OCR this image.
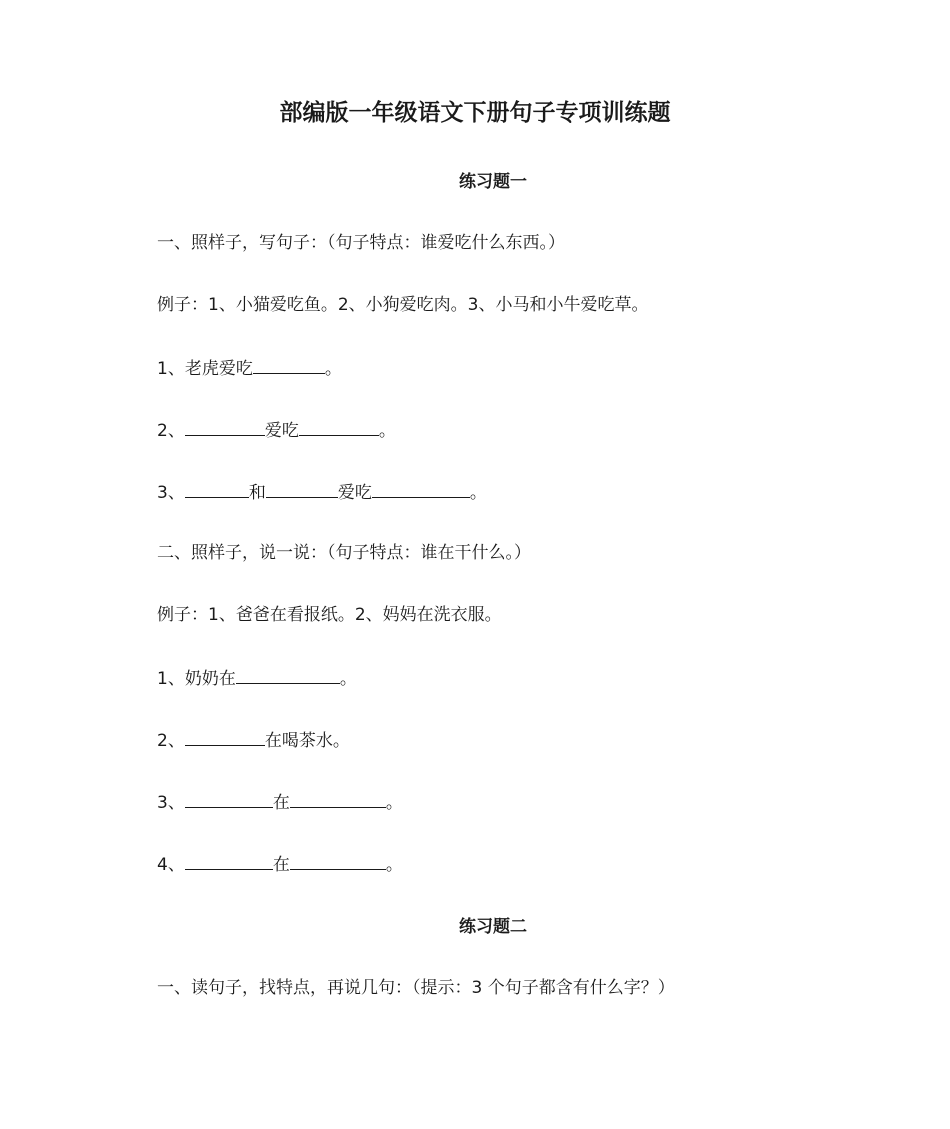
部编版一年级语文下册句子专项训练题
练习题一
一、照样子，写句子：（句子特点：谁爱吃什么东西。）
例子：1、小猫爱吃鱼。2、小狗爱吃肉。3、小马和小牛爱吃草。
1、老虎爱吃	。
2、	爱吃	。
3、	和	爱吃	。
二、照样子，说一说：（句子特点：谁在干什么。）
例子：1、爸爸在看报纸。2、妈妈在洗衣服。
1、奶奶在	。
2、	在喝茶水。
3、	在	。
4、	在	。
练习题二
一、读句子，找特点，再说几句：（提示：3 个句子都含有什么字？）
